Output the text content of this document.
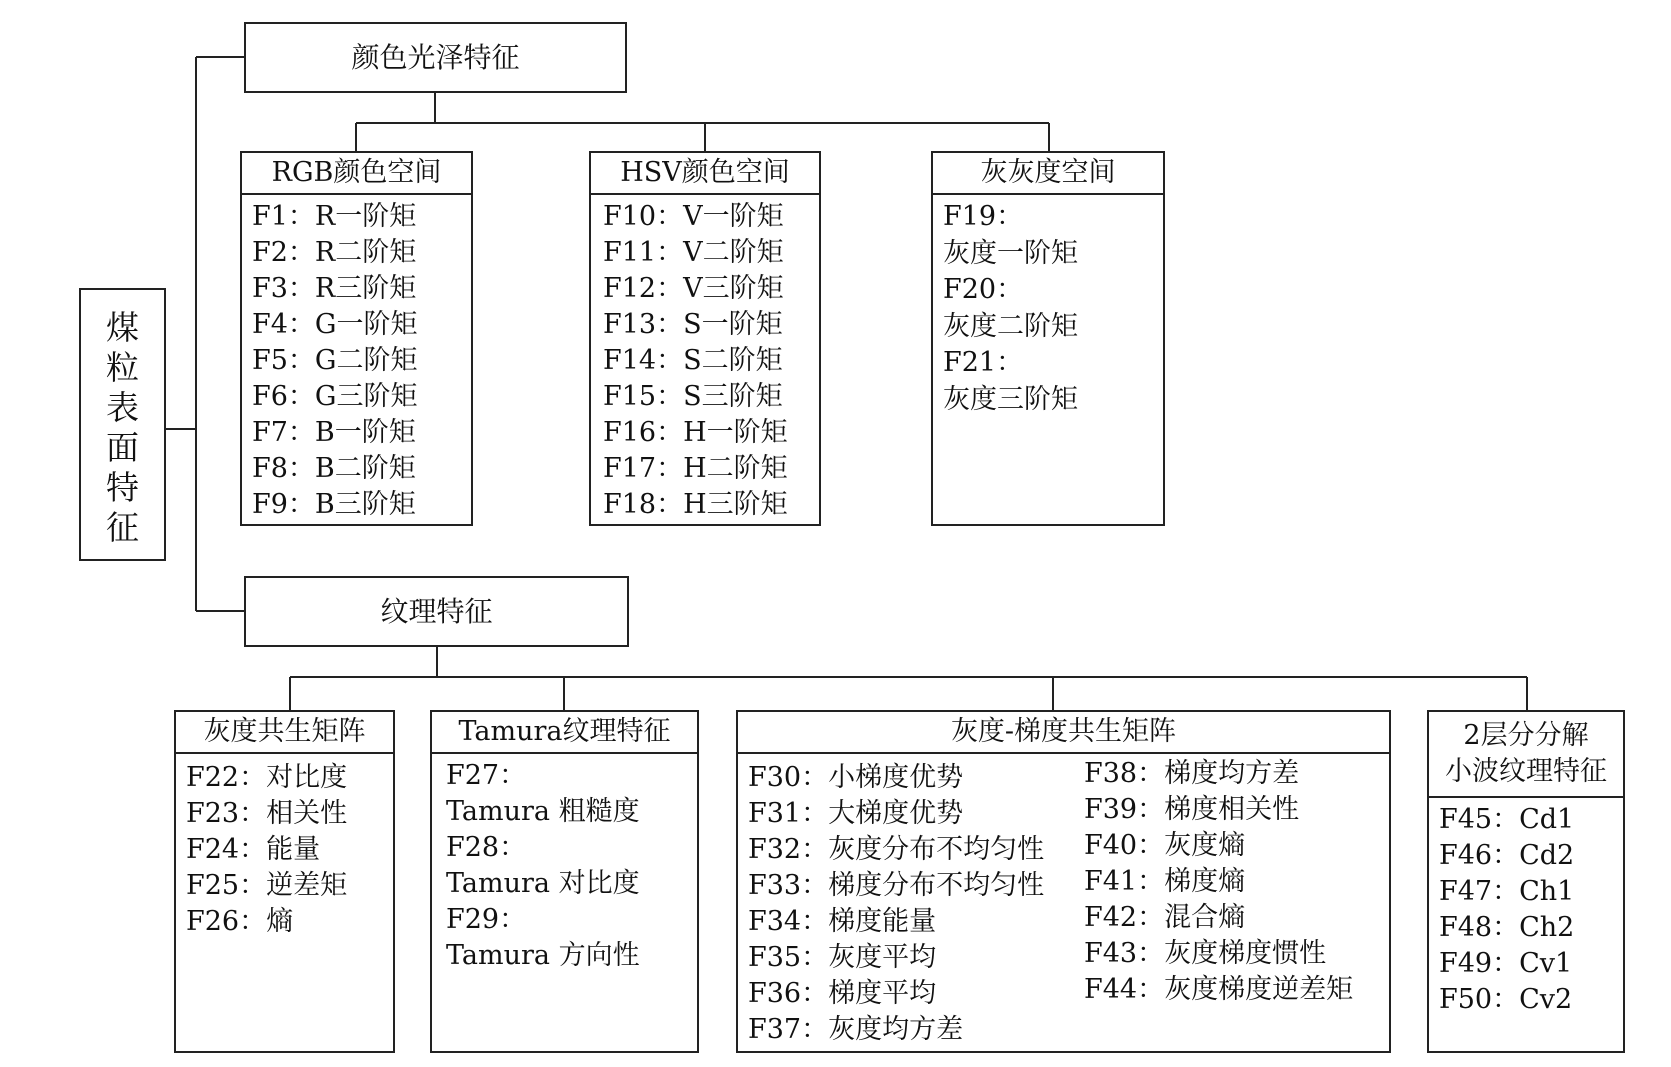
煤
粒
表
面
特
征
颜色光泽特征
RGB颜色空间
F1：R一阶矩
F2：R二阶矩
F3：R三阶矩
F4：G一阶矩
F5：G二阶矩
F6：G三阶矩
F7：B一阶矩
F8：B二阶矩
F9：B三阶矩
HSV颜色空间
F10：V一阶矩
F11：V二阶矩
F12：V三阶矩
F13：S一阶矩
F14：S二阶矩
F15：S三阶矩
F16：H一阶矩
F17：H二阶矩
F18：H三阶矩
灰灰度空间
F19：
灰度一阶矩
F20：
灰度二阶矩
F21：
灰度三阶矩
纹理特征
灰度共生矩阵
F22：对比度
F23：相关性
F24：能量
F25：逆差矩
F26：熵
Tamura纹理特征
F27：
Tamura 粗糙度
F28：
Tamura 对比度
F29：
Tamura 方向性
灰度-梯度共生矩阵
F30：小梯度优势
F31：大梯度优势
F32：灰度分布不均匀性
F33：梯度分布不均匀性
F34：梯度能量
F35：灰度平均
F36：梯度平均
F37：灰度均方差
F38：梯度均方差
F39：梯度相关性
F40：灰度熵
F41：梯度熵
F42：混合熵
F43：灰度梯度惯性
F44：灰度梯度逆差矩
2层分分解
小波纹理特征
F45：Cd1
F46：Cd2
F47：Ch1
F48：Ch2
F49：Cv1
F50：Cv2
